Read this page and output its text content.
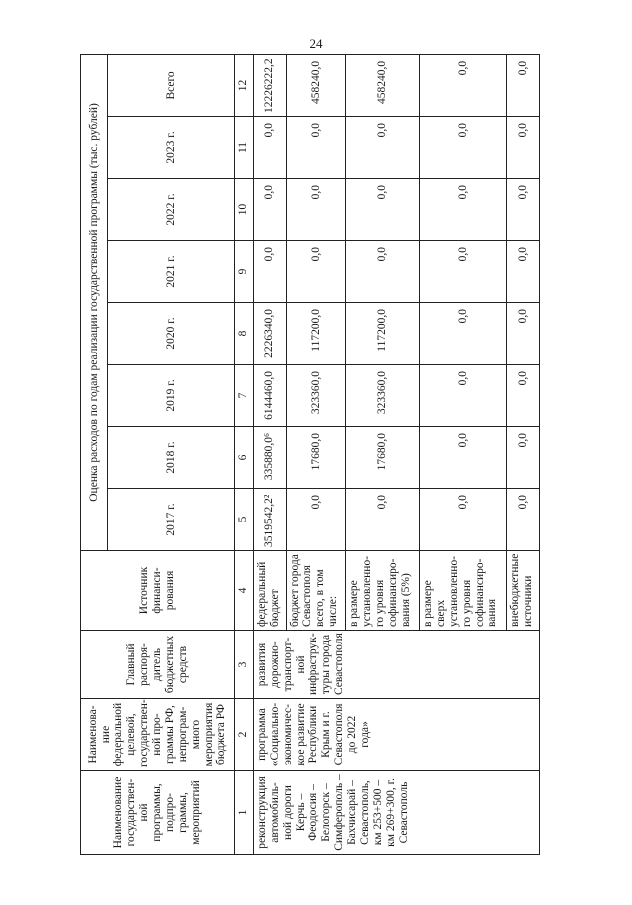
24
Наименование государствен-ной программы, подпро-граммы, мероприятий	Наименова-ние федеральной целевой, государствен-ной про-граммы РФ, непрограм-много мероприятия бюджета РФ	Главный распоря-дитель бюджетных средств	Источник финанси-рования	Оценка расходов по годам реализации государственной программы (тыс. рублей)							
				2017 г.	2018 г.	2019 г.	2020 г.	2021 г.	2022 г.	2023 г.	Всего
1	2	3	4	5	6	7	8	9	10	11	12
реконструкция автомобиль-ной дороги Керчь – Феодосия – Белогорск – Симферополь – Бахчисарай – Севастополь, км 253+500 – км 269+300, г. Севастополь	программа «Социально-экономичес-кое развитие Республики Крым и г. Севастополя до 2022 года»	развития дорожно-транспорт-ной инфраструк-туры города Севастополя	федеральный бюджет	3519542,2²	335880,0⁶	6144460,0	2226340,0	0,0	0,0	0,0	12226222,2
			бюджет города Севастополя всего, в том числе:	0,0	17680,0	323360,0	117200,0	0,0	0,0	0,0	458240,0
			в размере установленно-го уровня софинансиро-вания (5%)	0,0	17680,0	323360,0	117200,0	0,0	0,0	0,0	458240,0
			в размере сверх установленно-го уровня софинансиро-вания	0,0	0,0	0,0	0,0	0,0	0,0	0,0	0,0
			внебюджетные источники	0,0	0,0	0,0	0,0	0,0	0,0	0,0	0,0
